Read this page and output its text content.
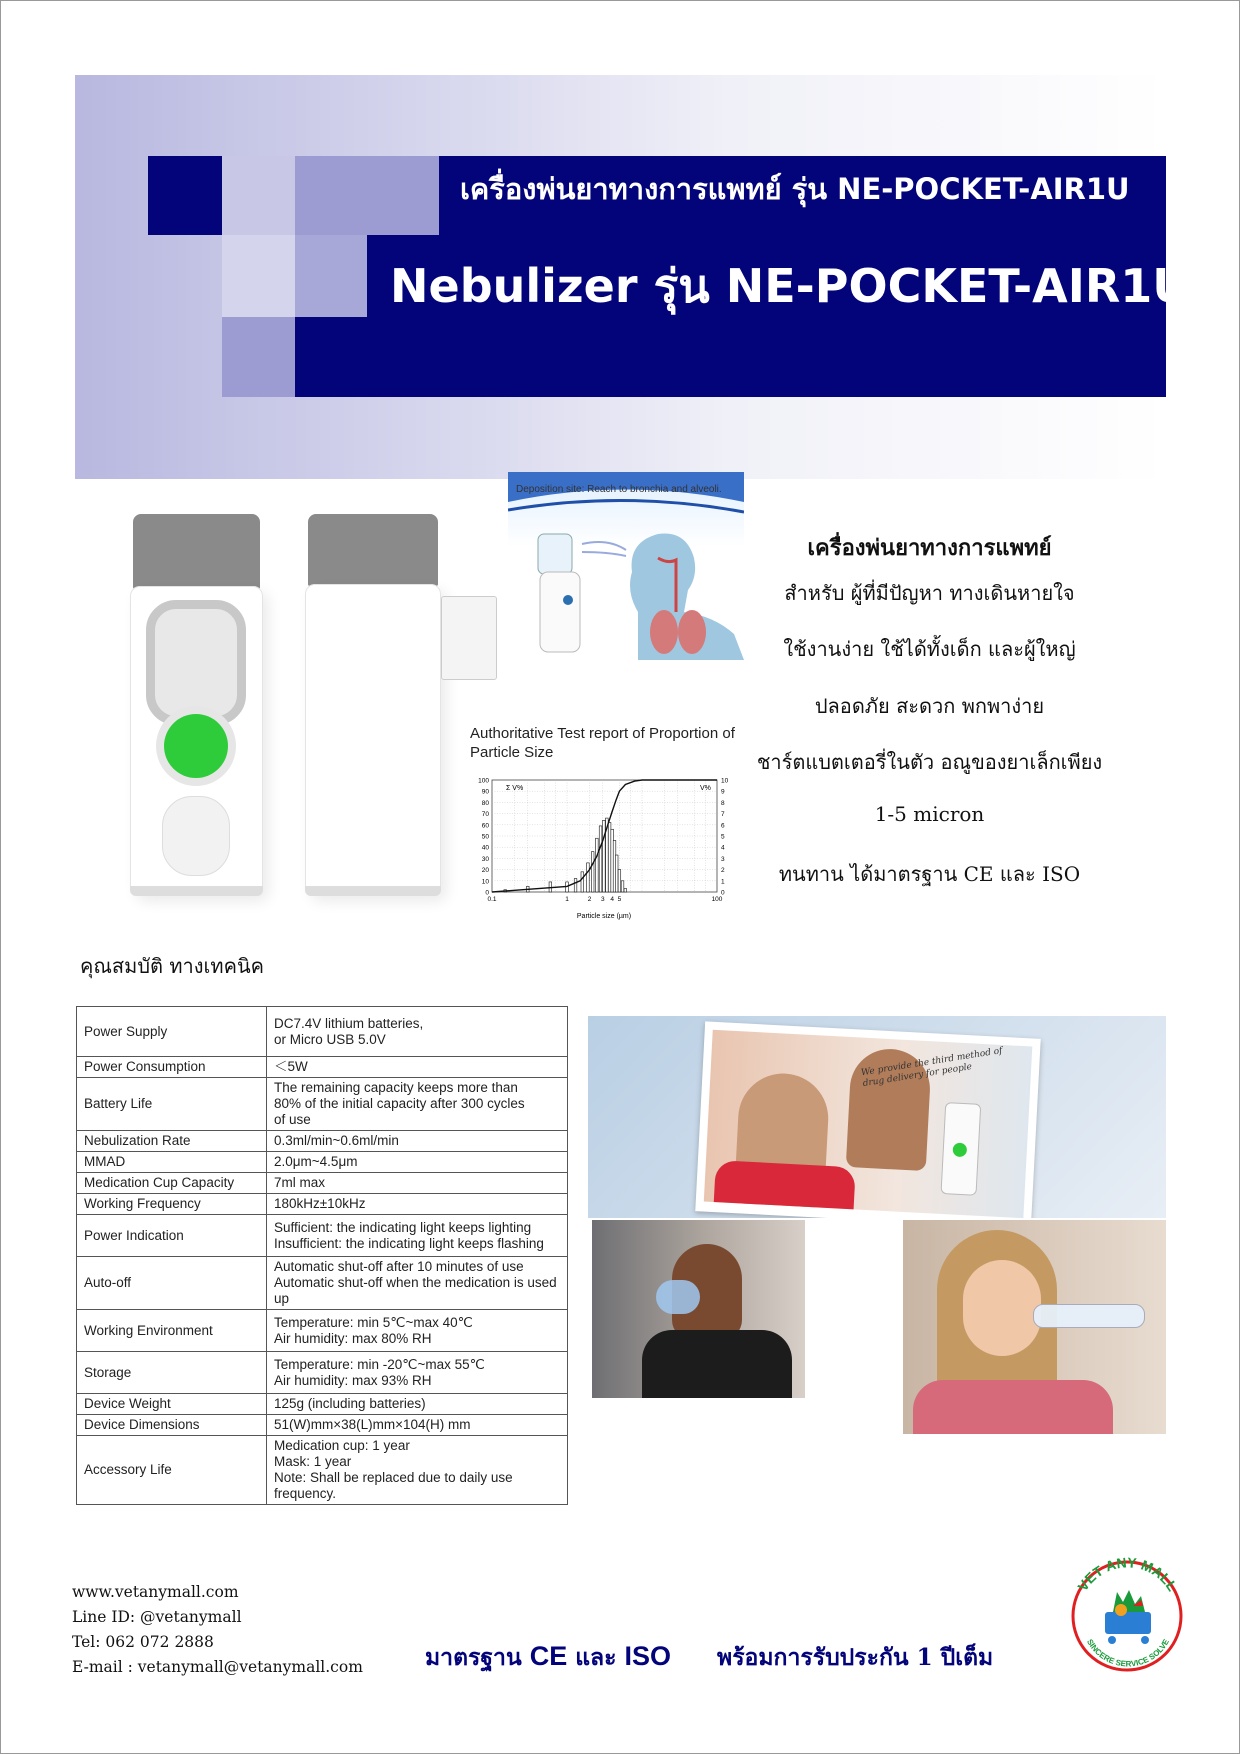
เครื่องพ่นยาทางการแพทย์ รุ่น NE-POCKET-AIR1U
Nebulizer รุ่น NE-POCKET-AIR1U
Deposition site: Reach to bronchia and alveoli.
Authoritative Test report of Proportion of Particle Size
100
90
80
70
60
50
40
30
20
10
0
10
9
8
7
6
5
4
3
2
1
0
0.1	1	2 3 4 5	100
Σ V%	V%
Particle size (µm)
เครื่องพ่นยาทางการแพทย์
สำหรับ ผู้ที่มีปัญหา ทางเดินหายใจ
ใช้งานง่าย ใช้ได้ทั้งเด็ก และผู้ใหญ่
ปลอดภัย สะดวก พกพาง่าย
ชาร์ตแบตเตอรี่ในตัว อณูของยาเล็กเพียง
1-5 micron
ทนทาน ได้มาตรฐาน CE และ ISO
คุณสมบัติ ทางเทคนิค
Power Supply	DC7.4V lithium batteries,
or Micro USB 5.0V
Power Consumption	＜5W
Battery Life	The remaining capacity keeps more than
80% of the initial capacity after 300 cycles
of use
Nebulization Rate	0.3ml/min~0.6ml/min
MMAD	2.0μm~4.5μm
Medication Cup Capacity	7ml max
Working Frequency	180kHz±10kHz
Power Indication	Sufficient: the indicating light keeps lighting
Insufficient: the indicating light keeps flashing
Auto-off	Automatic shut-off after 10 minutes of use
Automatic shut-off when the medication is used up
Working Environment	Temperature: min 5℃~max 40℃
Air humidity: max 80% RH
Storage	Temperature: min -20℃~max 55℃
Air humidity: max 93% RH
Device Weight	125g (including batteries)
Device Dimensions	51(W)mm×38(L)mm×104(H) mm
Accessory Life	Medication cup: 1 year
Mask: 1 year
Note: Shall be replaced due to daily use frequency.
We provide the third method of drug delivery for people
www.vetanymall.com
Line ID: @vetanymall
Tel: 062 072 2888
E-mail : vetanymall@vetanymall.com	มาตรฐาน CE และ ISO พร้อมการรับประกัน 1 ปีเต็ม
VET ANY MALL
SINCERE SERVICE SOLVE
